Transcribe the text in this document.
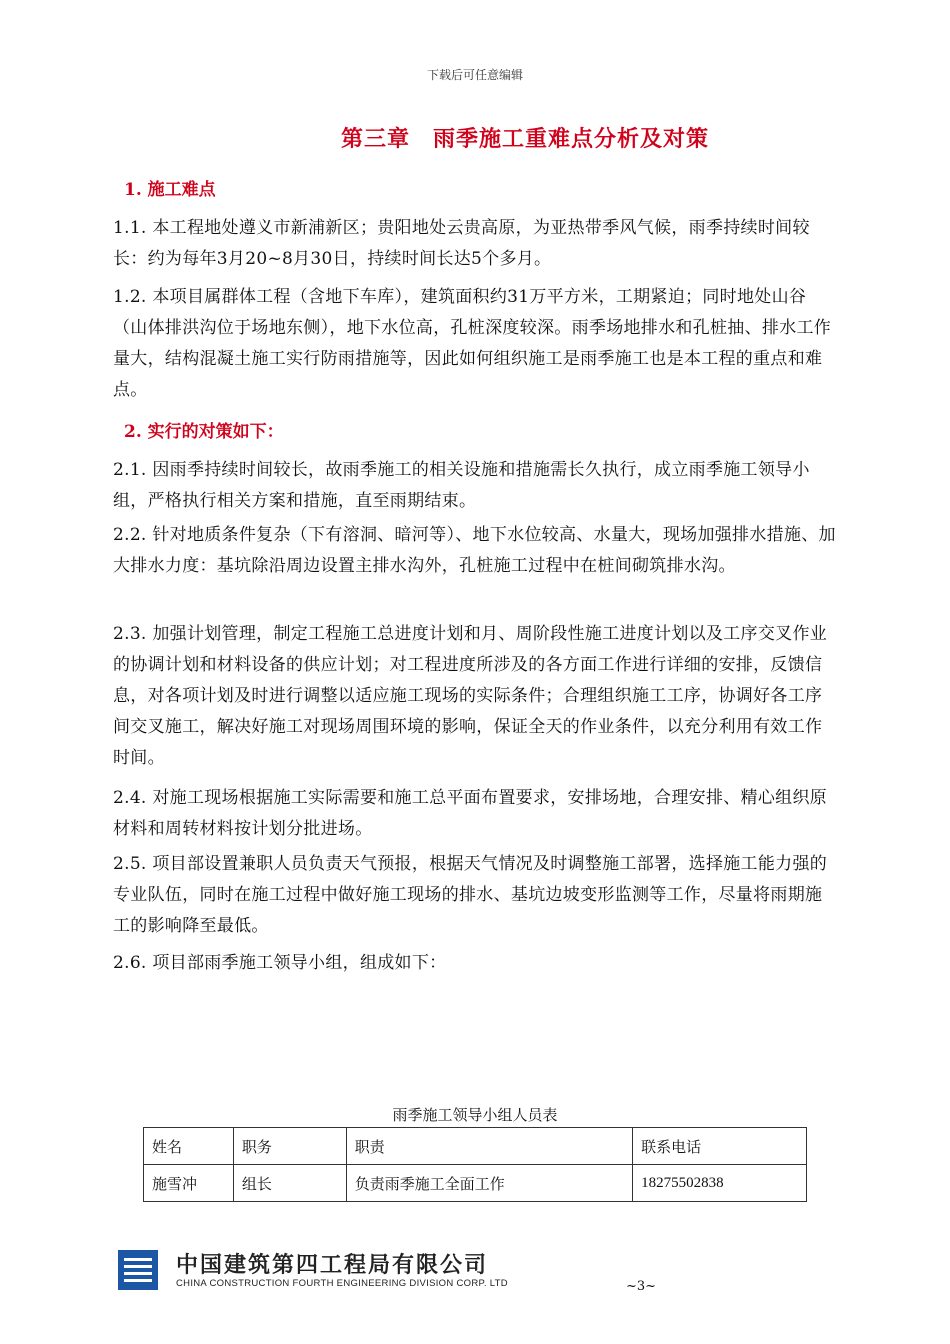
下载后可任意编辑
第三章　雨季施工重难点分析及对策
1. 施工难点
1.1. 本工程地处遵义市新浦新区；贵阳地处云贵高原，为亚热带季风气候，雨季持续时间较长：约为每年3月20~8月30日，持续时间长达5个多月。
1.2. 本项目属群体工程（含地下车库），建筑面积约31万平方米，工期紧迫；同时地处山谷（山体排洪沟位于场地东侧），地下水位高，孔桩深度较深。雨季场地排水和孔桩抽、排水工作量大，结构混凝土施工实行防雨措施等，因此如何组织施工是雨季施工也是本工程的重点和难点。
2. 实行的对策如下：
2.1. 因雨季持续时间较长，故雨季施工的相关设施和措施需长久执行，成立雨季施工领导小组，严格执行相关方案和措施，直至雨期结束。
2.2. 针对地质条件复杂（下有溶洞、暗河等）、地下水位较高、水量大，现场加强排水措施、加大排水力度：基坑除沿周边设置主排水沟外，孔桩施工过程中在桩间砌筑排水沟。
2.3. 加强计划管理，制定工程施工总进度计划和月、周阶段性施工进度计划以及工序交叉作业的协调计划和材料设备的供应计划；对工程进度所涉及的各方面工作进行详细的安排，反馈信息，对各项计划及时进行调整以适应施工现场的实际条件；合理组织施工工序，协调好各工序间交叉施工，解决好施工对现场周围环境的影响，保证全天的作业条件，以充分利用有效工作时间。
2.4. 对施工现场根据施工实际需要和施工总平面布置要求，安排场地，合理安排、精心组织原材料和周转材料按计划分批进场。
2.5. 项目部设置兼职人员负责天气预报，根据天气情况及时调整施工部署，选择施工能力强的专业队伍，同时在施工过程中做好施工现场的排水、基坑边坡变形监测等工作，尽量将雨期施工的影响降至最低。
2.6. 项目部雨季施工领导小组，组成如下：
雨季施工领导小组人员表
姓名	职务	职责	联系电话
施雪冲	组长	负责雨季施工全面工作	18275502838
中国建筑第四工程局有限公司
CHINA CONSTRUCTION FOURTH ENGINEERING DIVISION CORP. LTD	~3~
